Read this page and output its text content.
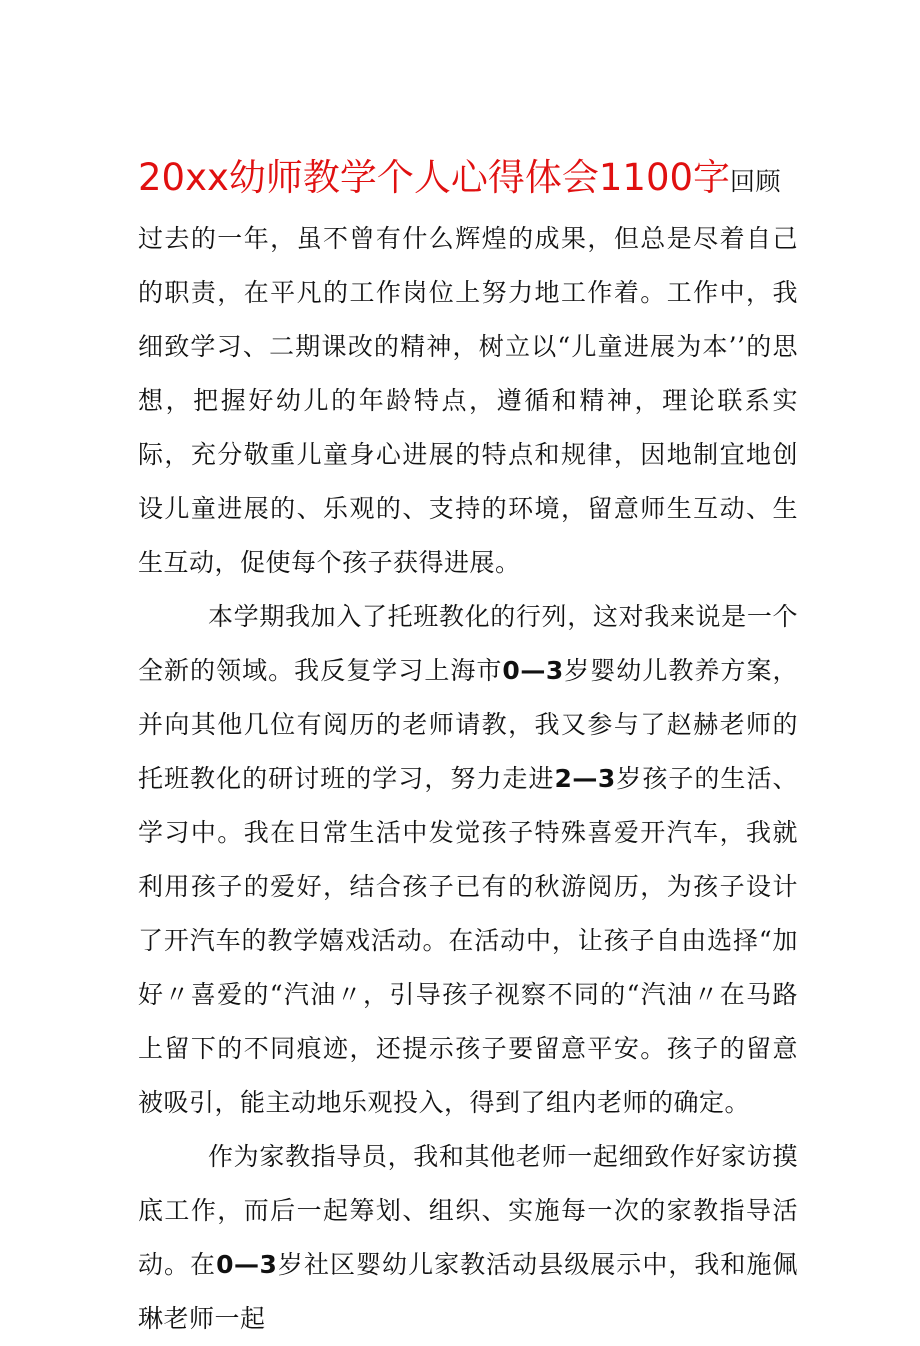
20xx幼师教学个人心得体会1100字回顾

过去的一年，虽不曾有什么辉煌的成果，但总是尽着自己的职责，在平凡的工作岗位上努力地工作着。工作中，我细致学习、二期课改的精神，树立以“儿童进展为本’’的思想，把握好幼儿的年龄特点，遵循和精神，理论联系实际，充分敬重儿童身心进展的特点和规律，因地制宜地创设儿童进展的、乐观的、支持的环境，留意师生互动、生生互动，促使每个孩子获得进展。

本学期我加入了托班教化的行列，这对我来说是一个全新的领域。我反复学习上海市0—3岁婴幼儿教养方案，并向其他几位有阅历的老师请教，我又参与了赵赫老师的托班教化的研讨班的学习，努力走进2—3岁孩子的生活、学习中。我在日常生活中发觉孩子特殊喜爱开汽车，我就利用孩子的爱好，结合孩子已有的秋游阅历，为孩子设计了开汽车的教学嬉戏活动。在活动中，让孩子自由选择“加好〃喜爱的“汽油〃，引导孩子视察不同的“汽油〃在马路上留下的不同痕迹，还提示孩子要留意平安。孩子的留意被吸引，能主动地乐观投入，得到了组内老师的确定。

作为家教指导员，我和其他老师一起细致作好家访摸底工作，而后一起筹划、组织、实施每一次的家教指导活动。在0—3岁社区婴幼儿家教活动县级展示中，我和施佩琳老师一起
